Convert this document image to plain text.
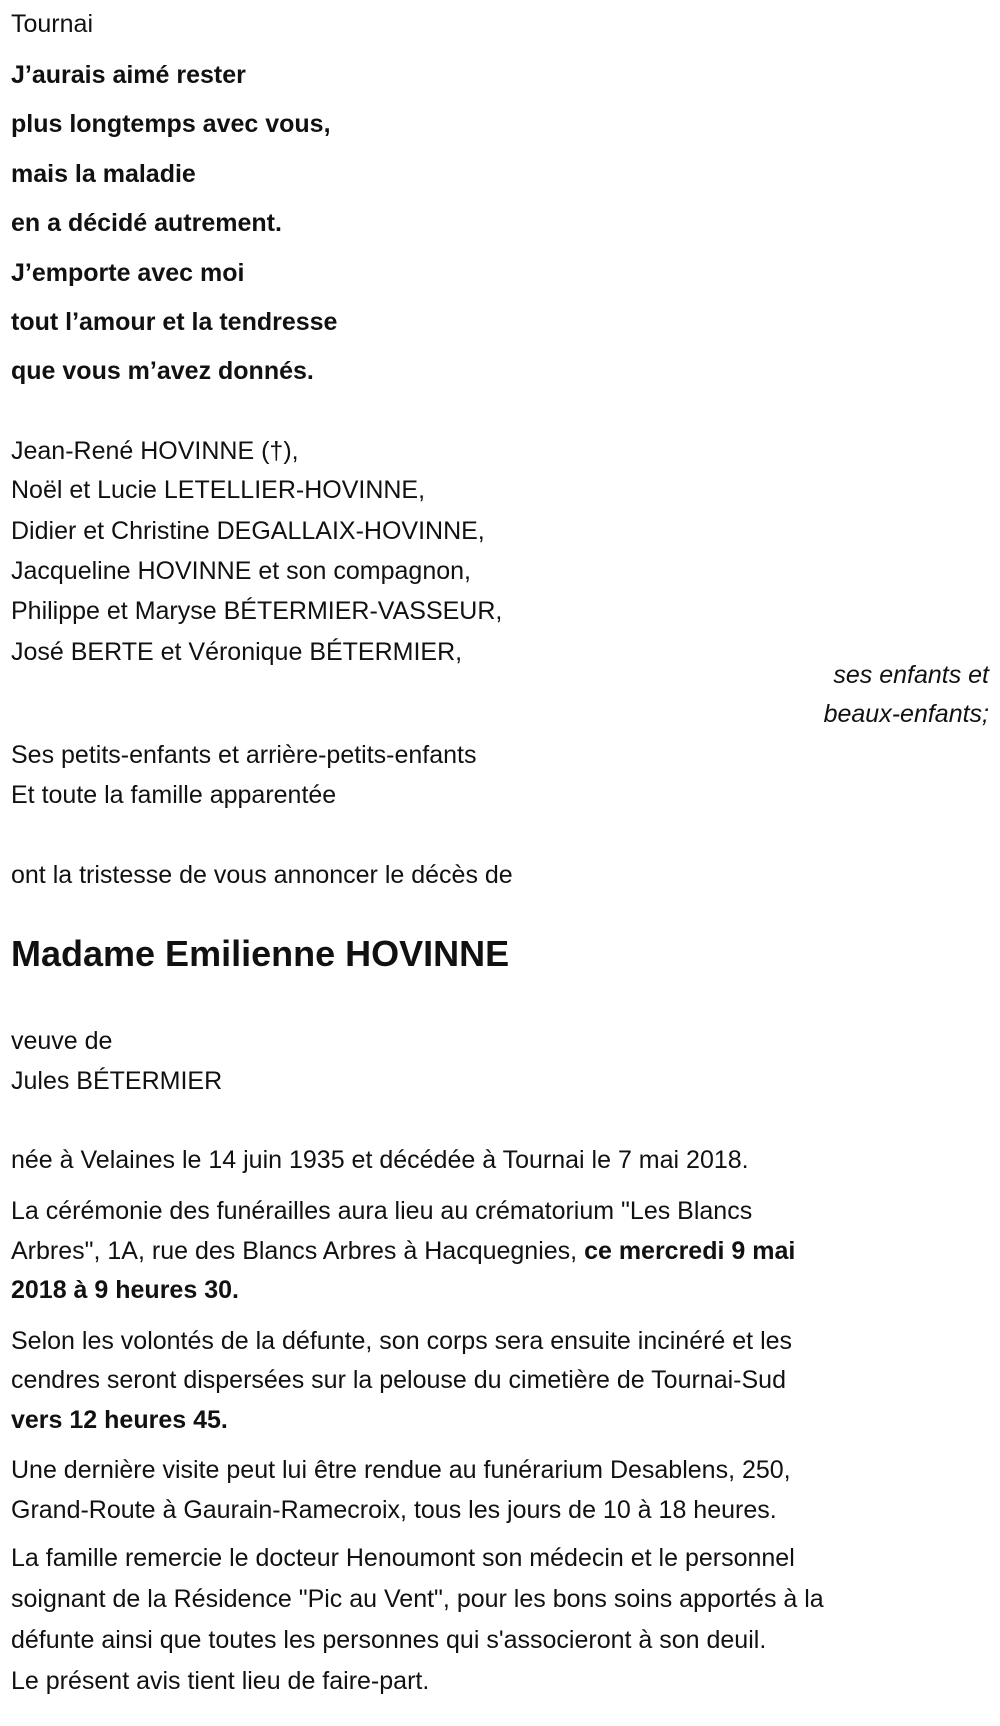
Tournai
J’aurais aimé rester
plus longtemps avec vous,
mais la maladie
en a décidé autrement.
J’emporte avec moi
tout l’amour et la tendresse
que vous m’avez donnés.
Jean-René HOVINNE (†),
Noël et Lucie LETELLIER-HOVINNE,
Didier et Christine DEGALLAIX-HOVINNE,
Jacqueline HOVINNE et son compagnon,
Philippe et Maryse BÉTERMIER-VASSEUR,
José BERTE et Véronique BÉTERMIER,
ses enfants et
beaux-enfants;
Ses petits-enfants et arrière-petits-enfants
Et toute la famille apparentée
ont la tristesse de vous annoncer le décès de
Madame Emilienne HOVINNE
veuve de
Jules BÉTERMIER
née à Velaines le 14 juin 1935 et décédée à Tournai le 7 mai 2018.
La cérémonie des funérailles aura lieu au crématorium "Les Blancs
Arbres", 1A, rue des Blancs Arbres à Hacquegnies, ce mercredi 9 mai
2018 à 9 heures 30.
Selon les volontés de la défunte, son corps sera ensuite incinéré et les
cendres seront dispersées sur la pelouse du cimetière de Tournai-Sud
vers 12 heures 45.
Une dernière visite peut lui être rendue au funérarium Desablens, 250,
Grand-Route à Gaurain-Ramecroix, tous les jours de 10 à 18 heures.
La famille remercie le docteur Henoumont son médecin et le personnel
soignant de la Résidence "Pic au Vent", pour les bons soins apportés à la
défunte ainsi que toutes les personnes qui s'associeront à son deuil.
Le présent avis tient lieu de faire-part.
